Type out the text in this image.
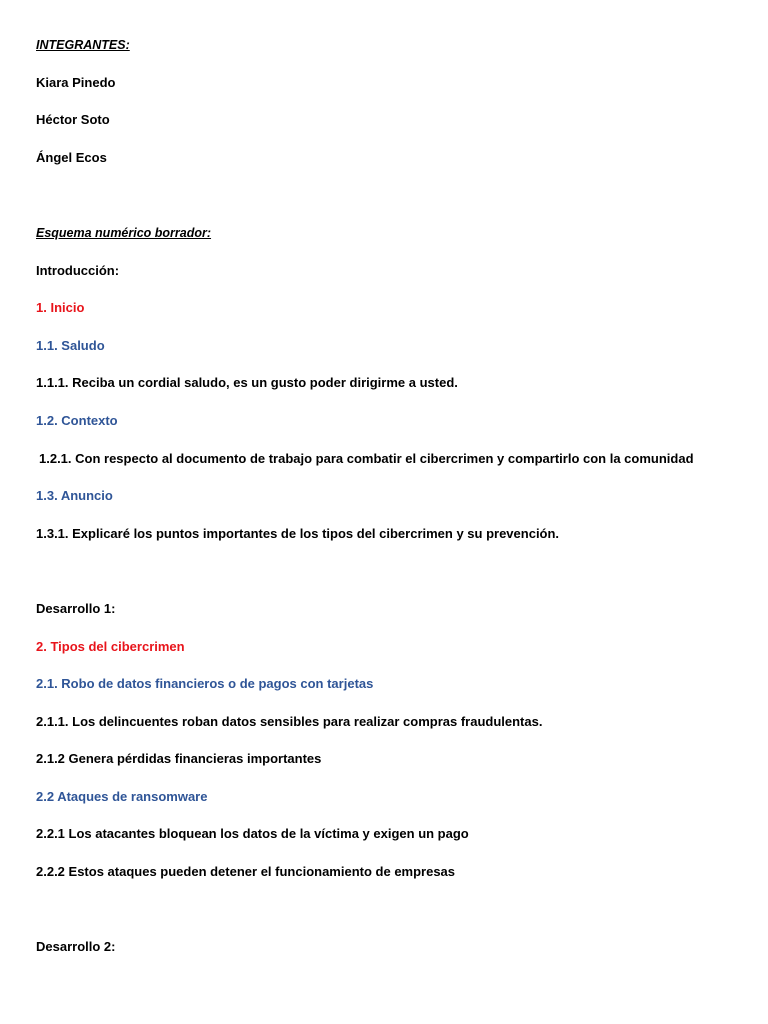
INTEGRANTES:
Kiara Pinedo
Héctor Soto
Ángel Ecos
Esquema numérico borrador:
Introducción:
1. Inicio
1.1. Saludo
1.1.1. Reciba un cordial saludo, es un gusto poder dirigirme a usted.
1.2. Contexto
1.2.1. Con respecto al documento de trabajo para combatir el cibercrimen y compartirlo con la comunidad
1.3. Anuncio
1.3.1. Explicaré los puntos importantes de los tipos del cibercrimen y su prevención.
Desarrollo 1:
2. Tipos del cibercrimen
2.1. Robo de datos financieros o de pagos con tarjetas
2.1.1. Los delincuentes roban datos sensibles para realizar compras fraudulentas.
2.1.2 Genera pérdidas financieras importantes
2.2 Ataques de ransomware
2.2.1 Los atacantes bloquean los datos de la víctima y exigen un pago
2.2.2 Estos ataques pueden detener el funcionamiento de empresas
Desarrollo 2:
